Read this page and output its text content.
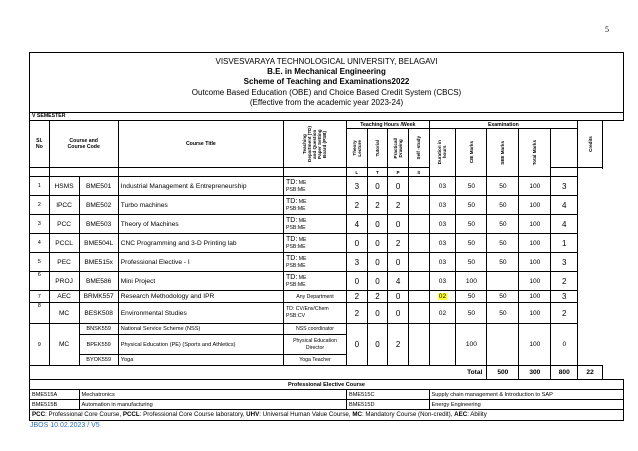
5
VISVESVARAYA TECHNOLOGICAL UNIVERSITY, BELAGAVI
B.E. in Mechanical Engineering
Scheme of Teaching and Examinations2022
Outcome Based Education (OBE) and Choice Based Credit System (CBCS)
(Effective from the academic year 2023-24)														

V SEMESTER														
Sl.
No	Course and
Course Code		Course Title	Teaching
Department (TD)
and Question
Paper Setting
Board (PSB)	Teaching Hours /Week				Examination					Credits

					Theory
Lecture	Tutorial	Practical/
Drawing	Self -study	Duration in
hours	CIE Marks	SEE Marks	Total Marks		

					L	T	P	S						
1	HSMS	BME501	Industrial Management & Entrepreneurship	TD: ME
PSB:ME	3	0	0		03	50	50	100	3	
2	IPCC	BME502	Turbo machines	TD: ME
PSB:ME	2	2	2		03	50	50	100	4	
3	PCC	BME503	Theory of Machines	TD: ME
PSB:ME	4	0	0		03	50	50	100	4	
4	PCCL	BME504L	CNC Programming and 3-D Printing lab	TD: ME
PSB:ME	0	0	2		03	50	50	100	1	
5	PEC	BME515x	Professional Elective - I	TD: ME
PSB:ME	3	0	0		03	50	50	100	3	
6	PROJ	BME586	Mini Project	TD: ME
PSB:ME	0	0	4		03	100		100	2	
7	AEC	BRMK557	Research Methodology and IPR	Any Department	2	2	0		02	50	50	100	3	
8	MC	BESK508	Environmental Studies	TD: CV/Env/Chem
PSB:CV	2	0	0		02	50	50	100	2	
9	MC	BNSK559	National Service Scheme (NSS)	NSS coordinator	0	0	2			100		100	0	
		BPEK559	Physical Education (PE) (Sports and Athletics)	Physical Education Director										
		BYOK559	Yoga	Yoga Teacher										
Total											500	300	800	22
Professional Elective Course														
BME515A		Mechatronics			BME515C				Supply chain management & Introduction to SAP					
BME515B		Automation in manufacturing			BME515D				Energy Engineering					
PCC: Professional Core Course, PCCL: Professional Core Course laboratory, UHV: Universal Human Value Course, MC: Mandatory Course (Non-credit), AEC: Ability														
JBOS 10.02.2023 / V5
